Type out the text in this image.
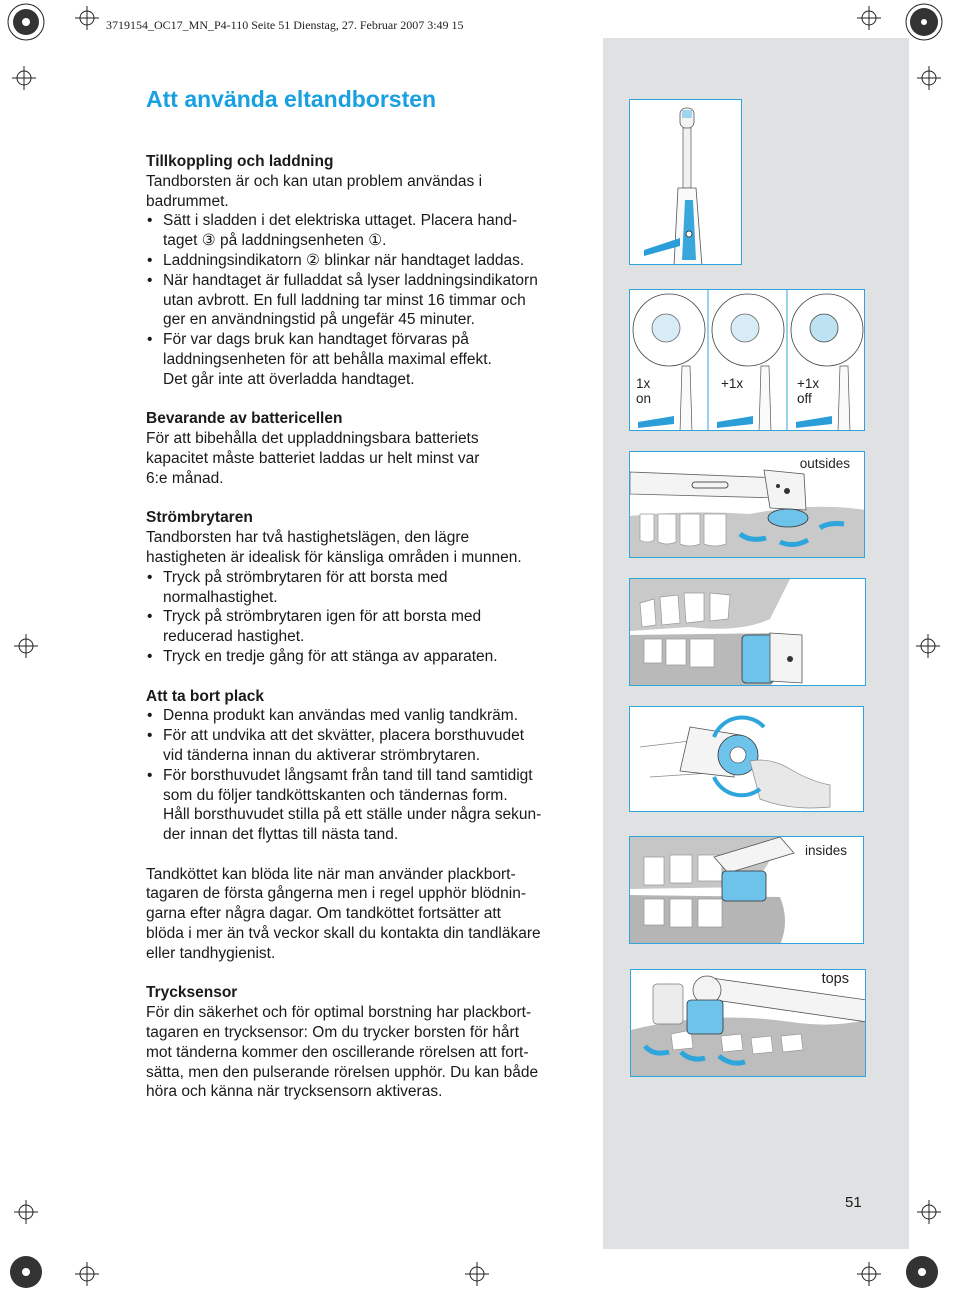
3719154_OC17_MN_P4-110 Seite 51 Dienstag, 27. Februar 2007 3:49 15
Att använda eltandborsten
Tillkoppling och laddning

Tandborsten är och kan utan problem användas i

badrummet.

• Sätt i sladden i det elektriska uttaget. Placera hand-
taget ③ på laddningsenheten ①.
• Laddningsindikatorn ② blinkar när handtaget laddas.
• När handtaget är fulladdat så lyser laddningsindikatorn
utan avbrott. En full laddning tar minst 16 timmar och
ger en användningstid på ungefär 45 minuter.
• För var dags bruk kan handtaget förvaras på
laddningsenheten för att behålla maximal effekt.
Det går inte att överladda handtaget.
Bevarande av battericellen

För att bibehålla det uppladdningsbara batteriets

kapacitet måste batteriet laddas ur helt minst var

6:e månad.

Strömbrytaren

Tandborsten har två hastighetslägen, den lägre

hastigheten är idealisk för känsliga områden i munnen.

• Tryck på strömbrytaren för att borsta med
normalhastighet.
• Tryck på strömbrytaren igen för att borsta med
reducerad hastighet.
• Tryck en tredje gång för att stänga av apparaten.
Att ta bort plack
• Denna produkt kan användas med vanlig tandkräm.
• För att undvika att det skvätter, placera borsthuvudet
vid tänderna innan du aktiverar strömbrytaren.
• För borsthuvudet långsamt från tand till tand samtidigt
som du följer tandköttskanten och tändernas form.
Håll borsthuvudet stilla på ett ställe under några sekun-
der innan det flyttas till nästa tand.

Tandköttet kan blöda lite när man använder plackbort-

tagaren de första gångerna men i regel upphör blödnin-

garna efter några dagar. Om tandköttet fortsätter att

blöda i mer än två veckor skall du kontakta din tandläkare

eller tandhygienist.

Trycksensor

För din säkerhet och för optimal borstning har plackbort-

tagaren en trycksensor: Om du trycker borsten för hårt

mot tänderna kommer den oscillerande rörelsen att fort-

sätta, men den pulserande rörelsen upphör. Du kan både

höra och känna när trycksensorn aktiveras.

1x
on
+1x	+1x
off
outsides
insides
tops
51
